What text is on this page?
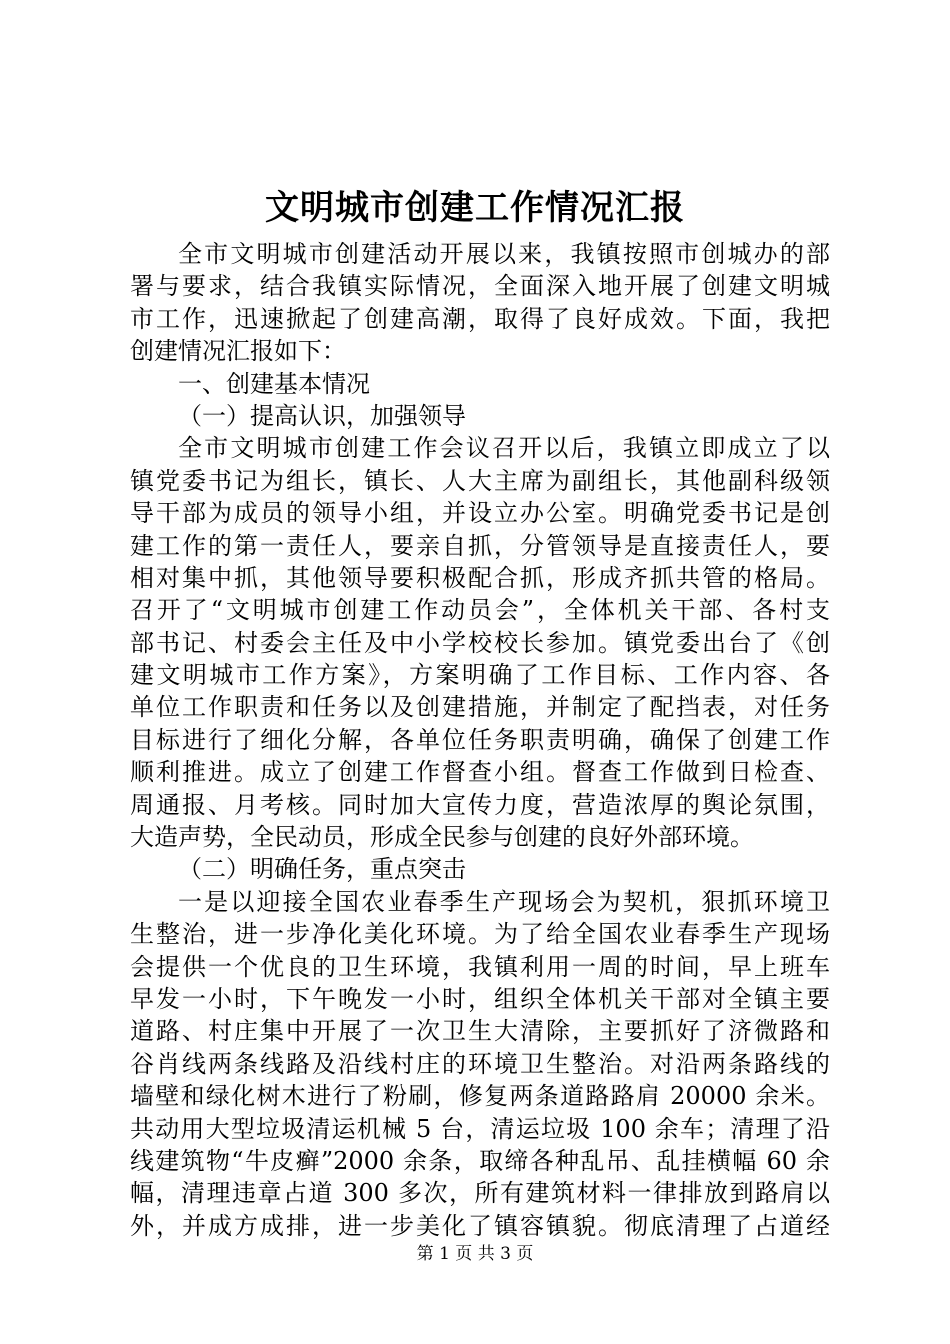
文明城市创建工作情况汇报
全市文明城市创建活动开展以来，我镇按照市创城办的部
署与要求，结合我镇实际情况，全面深入地开展了创建文明城
市工作，迅速掀起了创建高潮，取得了良好成效。下面，我把
创建情况汇报如下：
一、创建基本情况
（一）提高认识，加强领导
全市文明城市创建工作会议召开以后，我镇立即成立了以
镇党委书记为组长，镇长、人大主席为副组长，其他副科级领
导干部为成员的领导小组，并设立办公室。明确党委书记是创
建工作的第一责任人，要亲自抓，分管领导是直接责任人，要
相对集中抓，其他领导要积极配合抓，形成齐抓共管的格局。
召开了“文明城市创建工作动员会”，全体机关干部、各村支
部书记、村委会主任及中小学校校长参加。镇党委出台了《创
建文明城市工作方案》，方案明确了工作目标、工作内容、各
单位工作职责和任务以及创建措施，并制定了配挡表，对任务
目标进行了细化分解，各单位任务职责明确，确保了创建工作
顺利推进。成立了创建工作督查小组。督查工作做到日检查、
周通报、月考核。同时加大宣传力度，营造浓厚的舆论氛围，
大造声势，全民动员，形成全民参与创建的良好外部环境。
（二）明确任务，重点突击
一是以迎接全国农业春季生产现场会为契机，狠抓环境卫
生整治，进一步净化美化环境。为了给全国农业春季生产现场
会提供一个优良的卫生环境，我镇利用一周的时间，早上班车
早发一小时，下午晚发一小时，组织全体机关干部对全镇主要
道路、村庄集中开展了一次卫生大清除，主要抓好了济微路和
谷肖线两条线路及沿线村庄的环境卫生整治。对沿两条路线的
墙壁和绿化树木进行了粉刷，修复两条道路路肩 20000 余米。
共动用大型垃圾清运机械 5 台，清运垃圾 100 余车；清理了沿
线建筑物“牛皮癣”2000 余条，取缔各种乱吊、乱挂横幅 60 余
幅，清理违章占道 300 多次，所有建筑材料一律排放到路肩以
外，并成方成排，进一步美化了镇容镇貌。彻底清理了占道经
第 1 页 共 3 页
